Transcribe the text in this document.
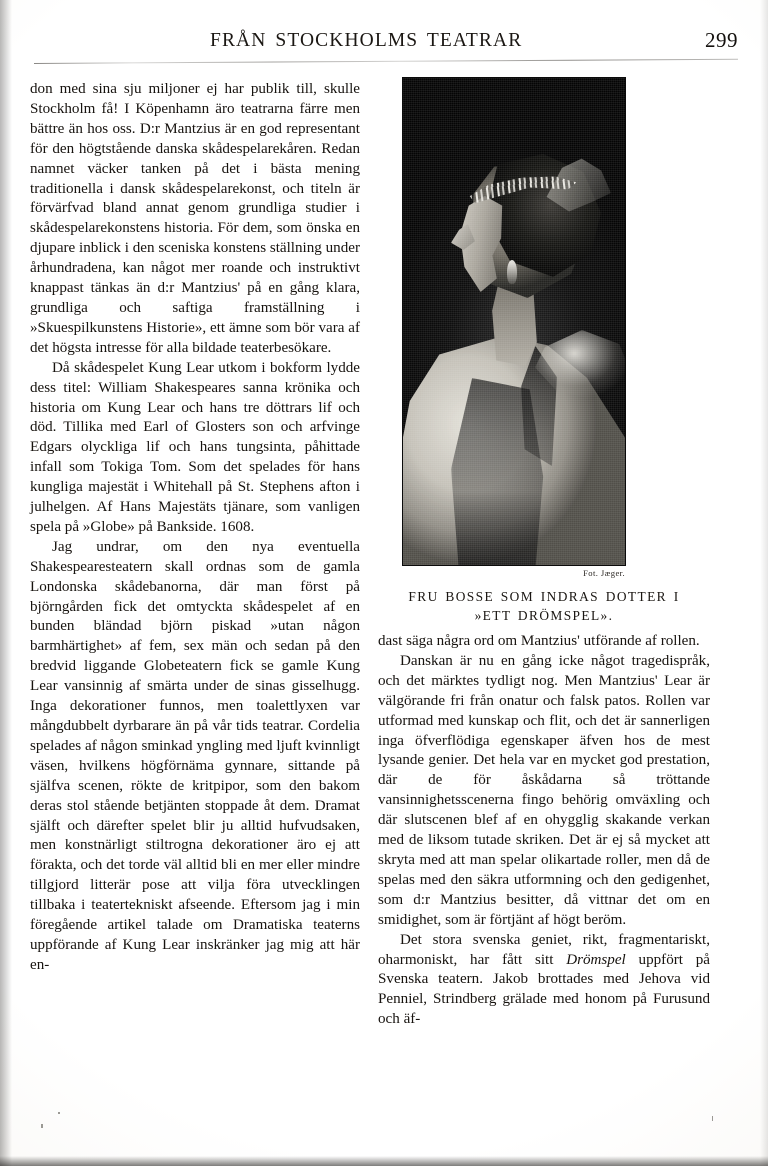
FRÅN STOCKHOLMS TEATRAR	299

don med sina sju miljoner ej har publik till, skulle Stockholm få! I Köpenhamn äro teatrarna färre men bättre än hos oss. D:r Mantzius är en god representant för den högtstående danska skådespelarekåren. Redan namnet väcker tanken på det i bästa mening traditionella i dansk skådespelarekonst, och titeln är förvärfvad bland annat genom grundliga studier i skådespelarekonstens historia. För dem, som önska en djupare inblick i den sceniska konstens ställning under århundradena, kan något mer roande och instruktivt knappast tänkas än d:r Mantzius' på en gång klara, grundliga och saftiga framställning i »Skuespilkunstens Historie», ett ämne som bör vara af det högsta intresse för alla bildade teaterbesökare.

Då skådespelet Kung Lear utkom i bokform lydde dess titel: William Shakespeares sanna krönika och historia om Kung Lear och hans tre döttrars lif och död. Tillika med Earl of Glosters son och arfvinge Edgars olyckliga lif och hans tungsinta, påhittade infall som Tokiga Tom. Som det spelades för hans kungliga majestät i Whitehall på St. Stephens afton i julhelgen. Af Hans Majestäts tjänare, som vanligen spela på »Globe» på Bankside. 1608.

Jag undrar, om den nya eventuella Shakespearesteatern skall ordnas som de gamla Londonska skådebanorna, där man först på björngården fick det omtyckta skådespelet af en bunden bländad björn piskad »utan någon barmhärtighet» af fem, sex män och sedan på den bredvid liggande Globeteatern fick se gamle Kung Lear vansinnig af smärta under de sinas gisselhugg. Inga dekorationer funnos, men toalettlyxen var mångdubbelt dyrbarare än på vår tids teatrar. Cordelia spelades af någon sminkad yngling med ljuft kvinnligt väsen, hvilkens högförnäma gynnare, sittande på själfva scenen, rökte de kritpipor, som den bakom deras stol stående betjänten stoppade åt dem. Dramat själft och därefter spelet blir ju alltid hufvudsaken, men konstnärligt stiltrogna dekorationer äro ej att förakta, och det torde väl alltid bli en mer eller mindre tillgjord litterär pose att vilja föra utvecklingen tillbaka i teatertekniskt afseende. Eftersom jag i min föregående artikel talade om Dramatiska teaterns uppförande af Kung Lear inskränker jag mig att här en-

Fot. Jæger.
FRU BOSSE SOM INDRAS DOTTER I
»ETT DRÖMSPEL».

dast säga några ord om Mantzius' utförande af rollen.

Danskan är nu en gång icke något tragedispråk, och det märktes tydligt nog. Men Mantzius' Lear är välgörande fri från onatur och falsk patos. Rollen var utformad med kunskap och flit, och det är sannerligen inga öfverflödiga egenskaper äfven hos de mest lysande genier. Det hela var en mycket god prestation, där de för åskådarna så tröttande vansinnighetsscenerna fingo behörig omväxling och där slutscenen blef af en ohygglig skakande verkan med de liksom tutade skriken. Det är ej så mycket att skryta med att man spelar olikartade roller, men då de spelas med den säkra utformning och den gedigenhet, som d:r Mantzius besitter, då vittnar det om en smidighet, som är förtjänt af högt beröm.

Det stora svenska geniet, rikt, fragmentariskt, oharmoniskt, har fått sitt Drömspel uppfört på Svenska teatern. Jakob brottades med Jehova vid Penniel, Strindberg grälade med honom på Furusund och äf-
